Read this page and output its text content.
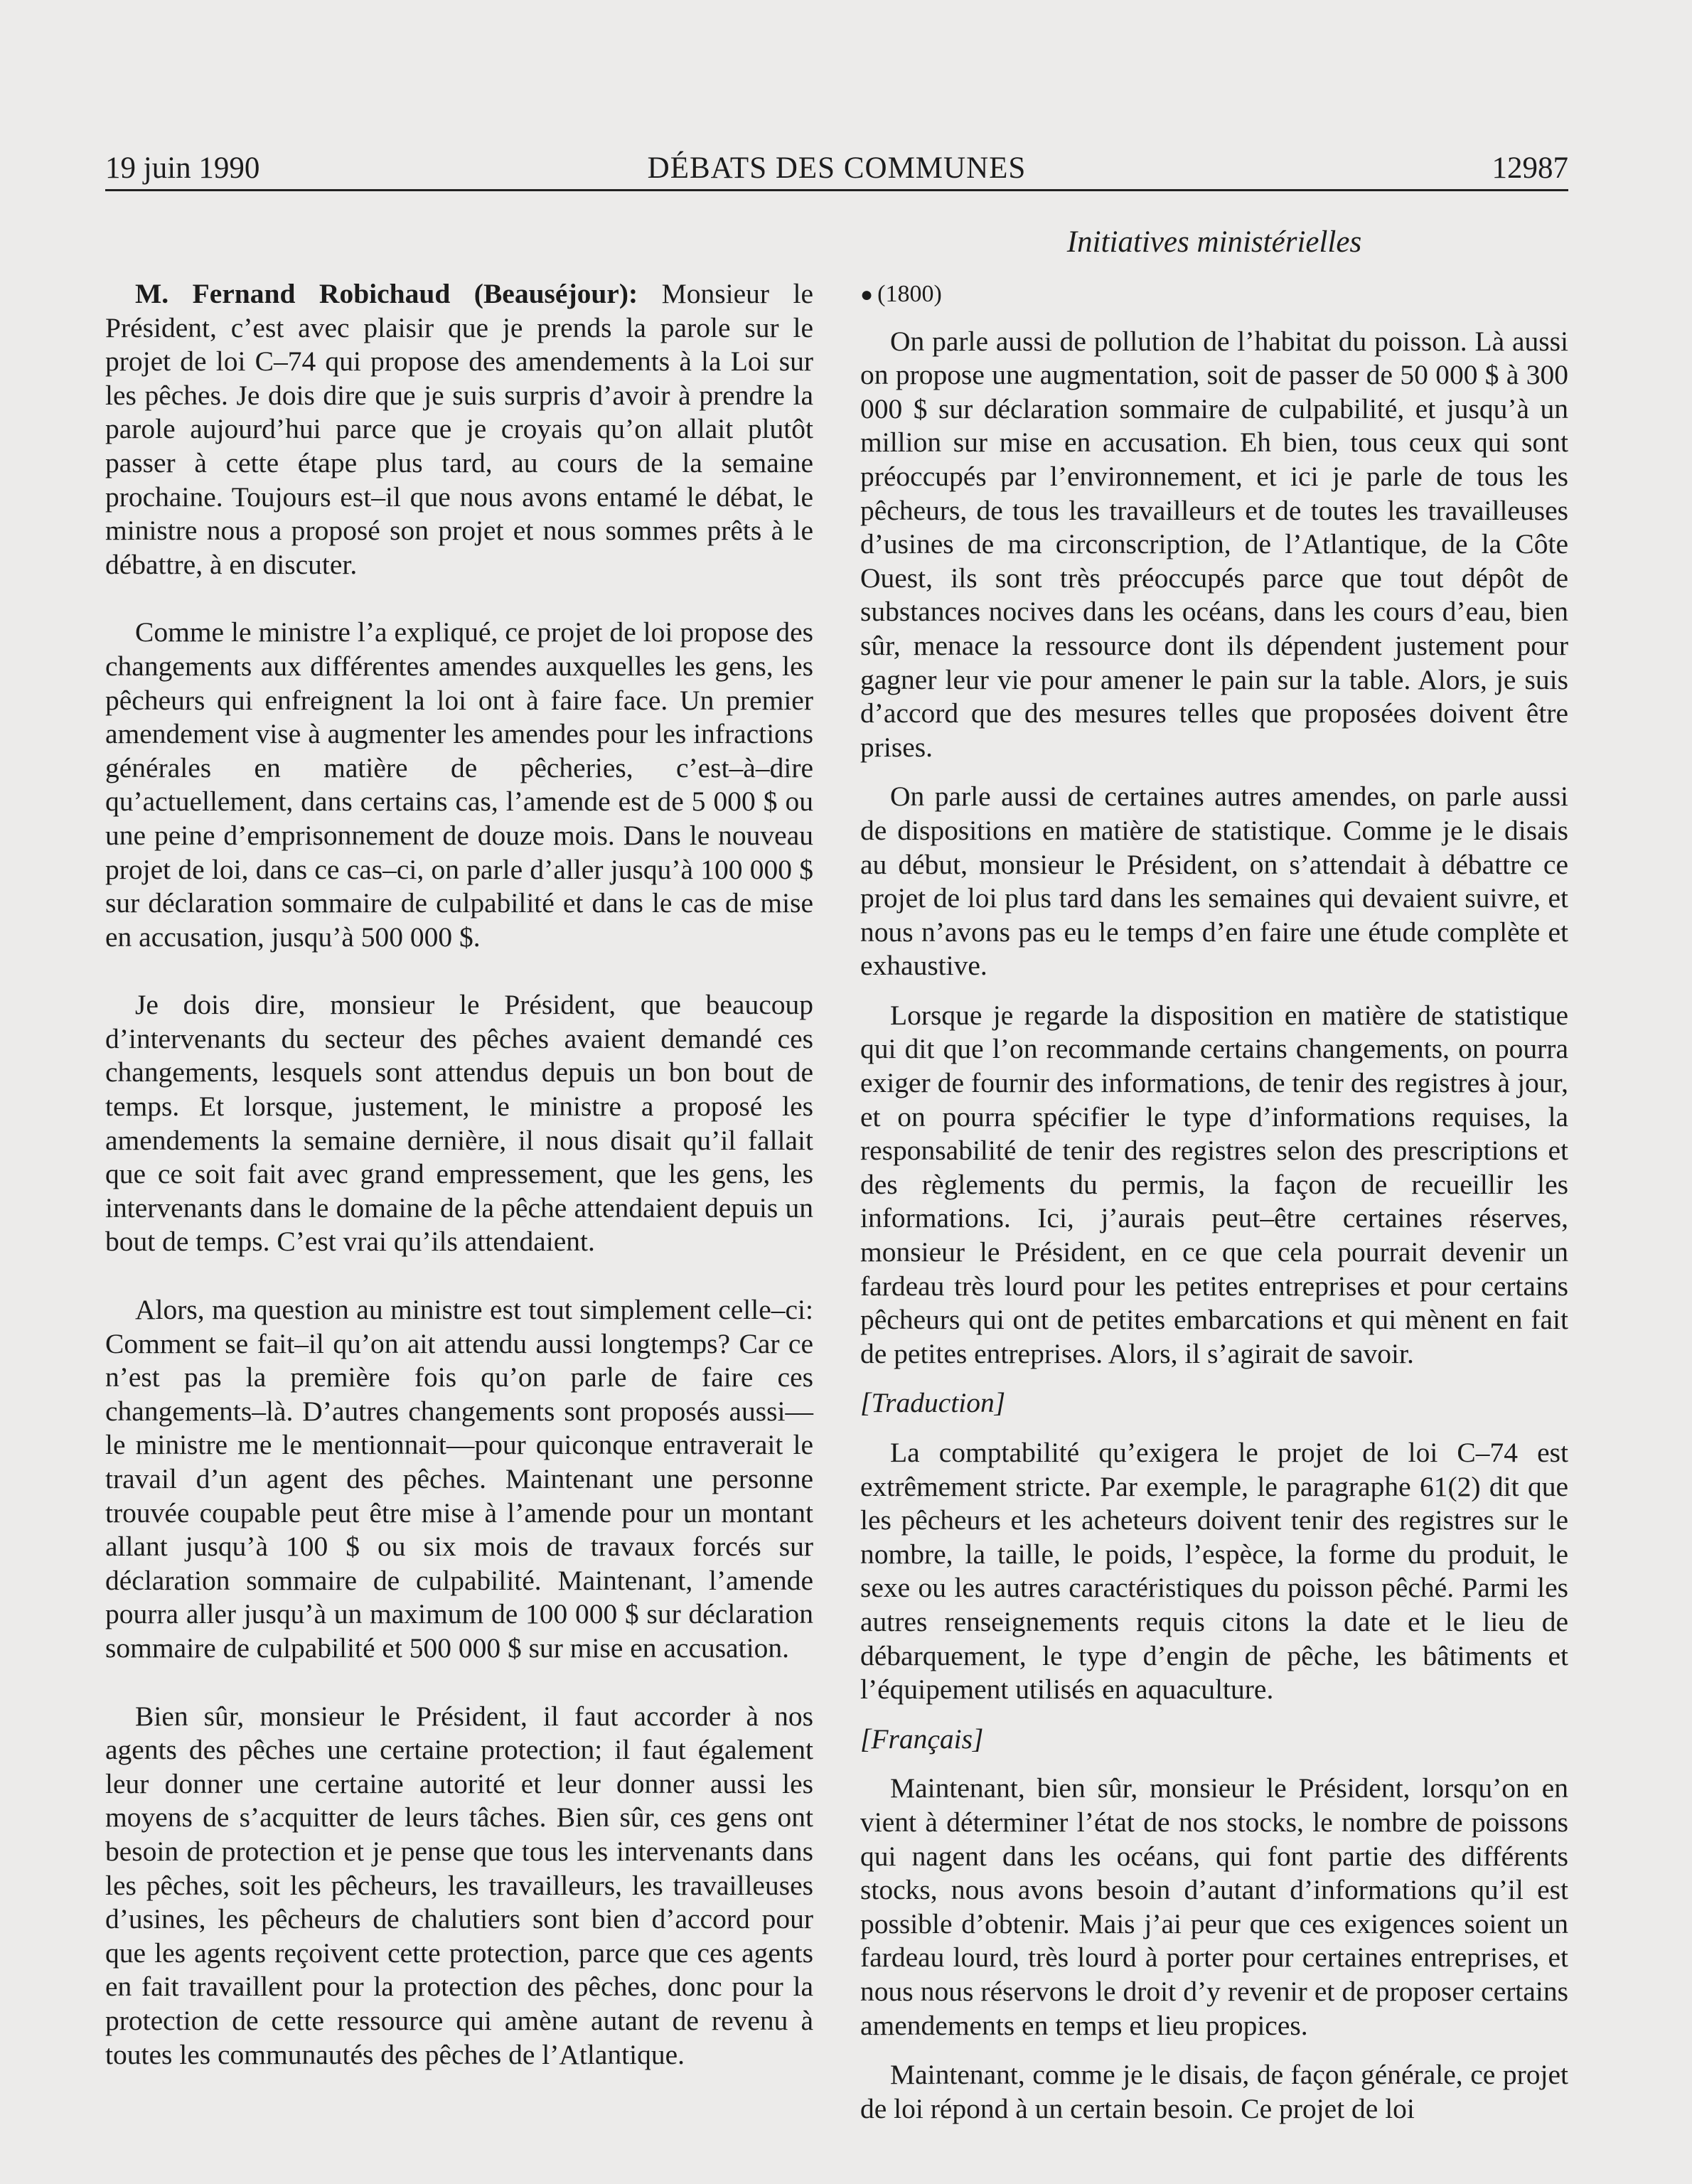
19 juin 1990	DÉBATS DES COMMUNES	12987
Initiatives ministérielles

M. Fernand Robichaud (Beauséjour): Monsieur le Président, c’est avec plaisir que je prends la parole sur le projet de loi C–74 qui propose des amendements à la Loi sur les pêches. Je dois dire que je suis surpris d’avoir à prendre la parole aujourd’hui parce que je croyais qu’on allait plutôt passer à cette étape plus tard, au cours de la semaine prochaine. Toujours est–il que nous avons entamé le débat, le ministre nous a proposé son projet et nous sommes prêts à le débattre, à en discuter.

Comme le ministre l’a expliqué, ce projet de loi propose des changements aux différentes amendes auxquelles les gens, les pêcheurs qui enfreignent la loi ont à faire face. Un premier amendement vise à augmenter les amendes pour les infractions générales en matière de pêcheries, c’est–à–dire qu’actuellement, dans certains cas, l’amende est de 5 000 $ ou une peine d’emprisonnement de douze mois. Dans le nouveau projet de loi, dans ce cas–ci, on parle d’aller jusqu’à 100 000 $ sur déclaration sommaire de culpabilité et dans le cas de mise en accusation, jusqu’à 500 000 $.

Je dois dire, monsieur le Président, que beaucoup d’intervenants du secteur des pêches avaient demandé ces changements, lesquels sont attendus depuis un bon bout de temps. Et lorsque, justement, le ministre a proposé les amendements la semaine dernière, il nous disait qu’il fallait que ce soit fait avec grand empressement, que les gens, les intervenants dans le domaine de la pêche attendaient depuis un bout de temps. C’est vrai qu’ils attendaient.

Alors, ma question au ministre est tout simplement celle–ci: Comment se fait–il qu’on ait attendu aussi longtemps? Car ce n’est pas la première fois qu’on parle de faire ces changements–là. D’autres changements sont proposés aussi—le ministre me le mentionnait—pour quiconque entraverait le travail d’un agent des pêches. Maintenant une personne trouvée coupable peut être mise à l’amende pour un montant allant jusqu’à 100 $ ou six mois de travaux forcés sur déclaration sommaire de culpabilité. Maintenant, l’amende pourra aller jusqu’à un maximum de 100 000 $ sur déclaration sommaire de culpabilité et 500 000 $ sur mise en accusation.

Bien sûr, monsieur le Président, il faut accorder à nos agents des pêches une certaine protection; il faut également leur donner une certaine autorité et leur donner aussi les moyens de s’acquitter de leurs tâches. Bien sûr, ces gens ont besoin de protection et je pense que tous les intervenants dans les pêches, soit les pêcheurs, les travailleurs, les travailleuses d’usines, les pêcheurs de chalutiers sont bien d’accord pour que les agents reçoivent cette protection, parce que ces agents en fait travaillent pour la protection des pêches, donc pour la protection de cette ressource qui amène autant de revenu à toutes les communautés des pêches de l’Atlantique.

● (1800)

On parle aussi de pollution de l’habitat du poisson. Là aussi on propose une augmentation, soit de passer de 50 000 $ à 300 000 $ sur déclaration sommaire de culpabilité, et jusqu’à un million sur mise en accusation. Eh bien, tous ceux qui sont préoccupés par l’environnement, et ici je parle de tous les pêcheurs, de tous les travailleurs et de toutes les travailleuses d’usines de ma circonscription, de l’Atlantique, de la Côte Ouest, ils sont très préoccupés parce que tout dépôt de substances nocives dans les océans, dans les cours d’eau, bien sûr, menace la ressource dont ils dépendent justement pour gagner leur vie pour amener le pain sur la table. Alors, je suis d’accord que des mesures telles que proposées doivent être prises.

On parle aussi de certaines autres amendes, on parle aussi de dispositions en matière de statistique. Comme je le disais au début, monsieur le Président, on s’attendait à débattre ce projet de loi plus tard dans les semaines qui devaient suivre, et nous n’avons pas eu le temps d’en faire une étude complète et exhaustive.

Lorsque je regarde la disposition en matière de statistique qui dit que l’on recommande certains changements, on pourra exiger de fournir des informations, de tenir des registres à jour, et on pourra spécifier le type d’informations requises, la responsabilité de tenir des registres selon des prescriptions et des règlements du permis, la façon de recueillir les informations. Ici, j’aurais peut–être certaines réserves, monsieur le Président, en ce que cela pourrait devenir un fardeau très lourd pour les petites entreprises et pour certains pêcheurs qui ont de petites embarcations et qui mènent en fait de petites entreprises. Alors, il s’agirait de savoir.

[Traduction]

La comptabilité qu’exigera le projet de loi C–74 est extrêmement stricte. Par exemple, le paragraphe 61(2) dit que les pêcheurs et les acheteurs doivent tenir des registres sur le nombre, la taille, le poids, l’espèce, la forme du produit, le sexe ou les autres caractéristiques du poisson pêché. Parmi les autres renseignements requis citons la date et le lieu de débarquement, le type d’engin de pêche, les bâtiments et l’équipement utilisés en aquaculture.

[Français]

Maintenant, bien sûr, monsieur le Président, lorsqu’on en vient à déterminer l’état de nos stocks, le nombre de poissons qui nagent dans les océans, qui font partie des différents stocks, nous avons besoin d’autant d’informations qu’il est possible d’obtenir. Mais j’ai peur que ces exigences soient un fardeau lourd, très lourd à porter pour certaines entreprises, et nous nous réservons le droit d’y revenir et de proposer certains amendements en temps et lieu propices.

Maintenant, comme je le disais, de façon générale, ce projet de loi répond à un certain besoin. Ce projet de loi
